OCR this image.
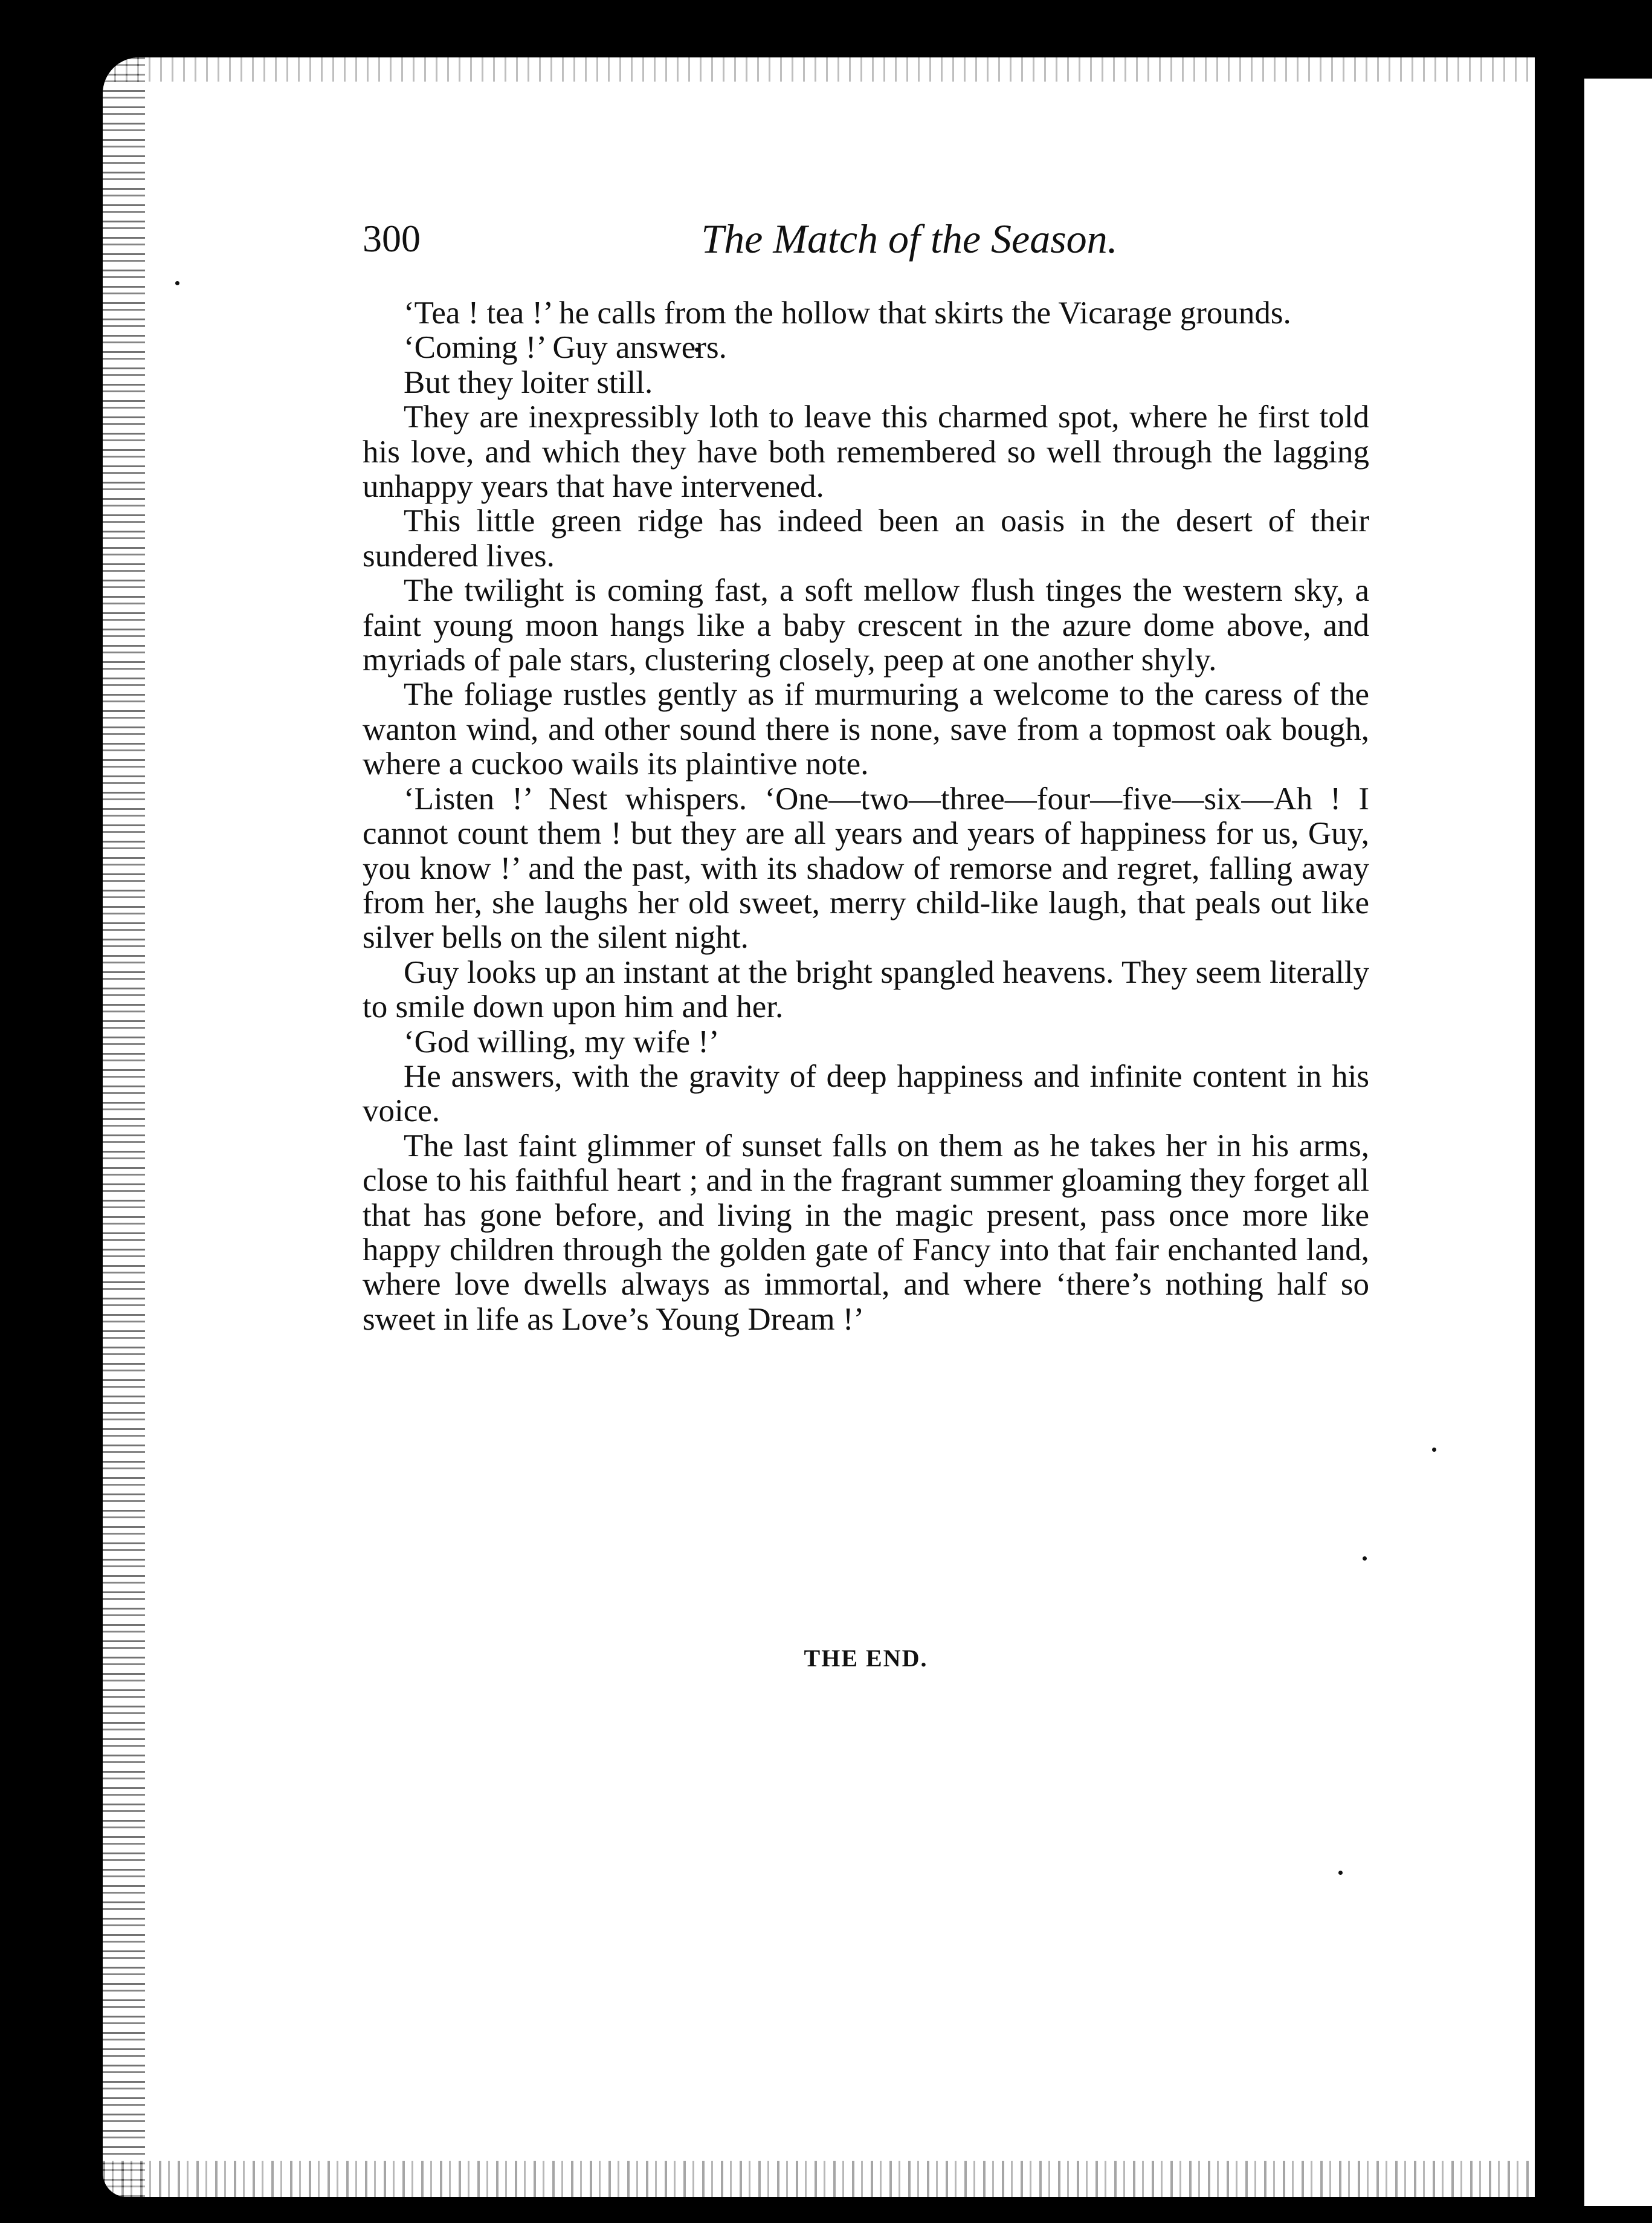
300	The Match of the Season.

‘Tea ! tea !’ he calls from the hollow that skirts the Vicarage grounds.

‘Coming !’ Guy answers.

But they loiter still.

They are inexpressibly loth to leave this charmed spot, where he first told his love, and which they have both remembered so well through the lagging unhappy years that have intervened.

This little green ridge has indeed been an oasis in the desert of their sundered lives.

The twilight is coming fast, a soft mellow flush tinges the western sky, a faint young moon hangs like a baby crescent in the azure dome above, and myriads of pale stars, clustering closely, peep at one another shyly.

The foliage rustles gently as if murmuring a welcome to the caress of the wanton wind, and other sound there is none, save from a topmost oak bough, where a cuckoo wails its plaintive note.

‘Listen !’ Nest whispers. ‘One—two—three—four—five—six—Ah ! I cannot count them ! but they are all years and years of happiness for us, Guy, you know !’ and the past, with its shadow of remorse and regret, falling away from her, she laughs her old sweet, merry child-like laugh, that peals out like silver bells on the silent night.

Guy looks up an instant at the bright spangled heavens. They seem literally to smile down upon him and her.

‘God willing, my wife !’

He answers, with the gravity of deep happiness and infinite content in his voice.

The last faint glimmer of sunset falls on them as he takes her in his arms, close to his faithful heart ; and in the fragrant summer gloaming they forget all that has gone before, and living in the magic present, pass once more like happy children through the golden gate of Fancy into that fair enchanted land, where love dwells always as immortal, and where ‘there’s nothing half so sweet in life as Love’s Young Dream !’

THE END.
